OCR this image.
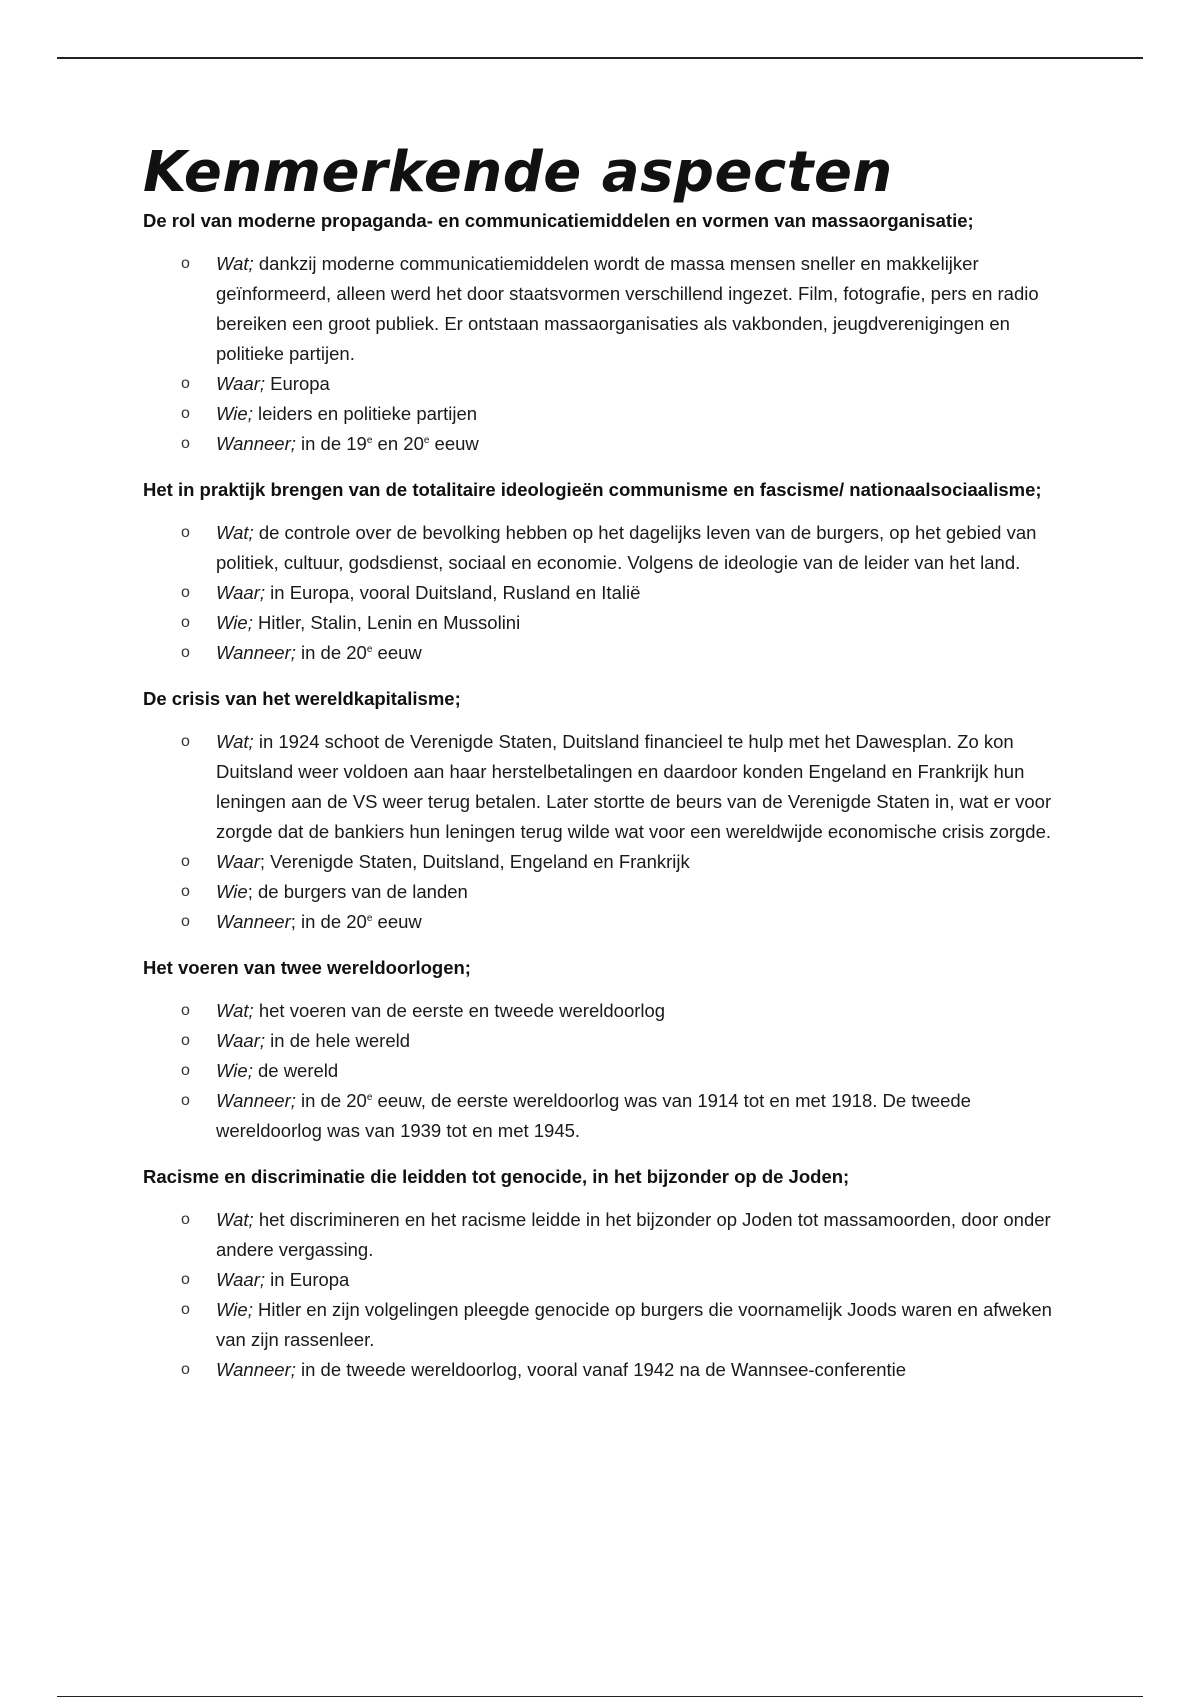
Kenmerkende aspecten

De rol van moderne propaganda- en communicatiemiddelen en vormen van massaorganisatie;

o Wat; dankzij moderne communicatiemiddelen wordt de massa mensen sneller en makkelijker geïnformeerd, alleen werd het door staatsvormen verschillend ingezet. Film, fotografie, pers en radio bereiken een groot publiek. Er ontstaan massaorganisaties als vakbonden, jeugdverenigingen en politieke partijen.
o Waar; Europa
o Wie; leiders en politieke partijen
o Wanneer; in de 19e en 20e eeuw

Het in praktijk brengen van de totalitaire ideologieën communisme en fascisme/ nationaalsociaalisme;

o Wat; de controle over de bevolking hebben op het dagelijks leven van de burgers, op het gebied van politiek, cultuur, godsdienst, sociaal en economie. Volgens de ideologie van de leider van het land.
o Waar; in Europa, vooral Duitsland, Rusland en Italië
o Wie; Hitler, Stalin, Lenin en Mussolini
o Wanneer; in de 20e eeuw

De crisis van het wereldkapitalisme;

o Wat; in 1924 schoot de Verenigde Staten, Duitsland financieel te hulp met het Dawesplan. Zo kon Duitsland weer voldoen aan haar herstelbetalingen en daardoor konden Engeland en Frankrijk hun leningen aan de VS weer terug betalen. Later stortte de beurs van de Verenigde Staten in, wat er voor zorgde dat de bankiers hun leningen terug wilde wat voor een wereldwijde economische crisis zorgde.
o Waar; Verenigde Staten, Duitsland, Engeland en Frankrijk
o Wie; de burgers van de landen
o Wanneer; in de 20e eeuw

Het voeren van twee wereldoorlogen;

o Wat; het voeren van de eerste en tweede wereldoorlog
o Waar; in de hele wereld
o Wie; de wereld
o Wanneer; in de 20e eeuw, de eerste wereldoorlog was van 1914 tot en met 1918. De tweede wereldoorlog was van 1939 tot en met 1945.

Racisme en discriminatie die leidden tot genocide, in het bijzonder op de Joden;

o Wat; het discrimineren en het racisme leidde in het bijzonder op Joden tot massamoorden, door onder andere vergassing.
o Waar; in Europa
o Wie; Hitler en zijn volgelingen pleegde genocide op burgers die voornamelijk Joods waren en afweken van zijn rassenleer.
o Wanneer; in de tweede wereldoorlog, vooral vanaf 1942 na de Wannsee-conferentie
